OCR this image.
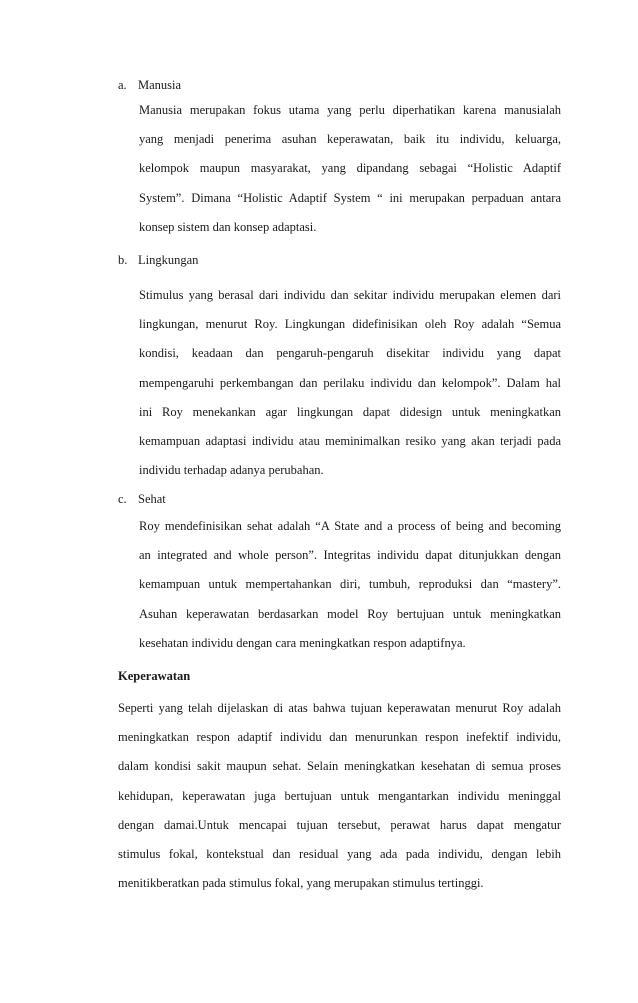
a. Manusia
Manusia merupakan fokus utama yang perlu diperhatikan karena manusialah
yang menjadi penerima asuhan keperawatan, baik itu individu, keluarga,
kelompok maupun masyarakat, yang dipandang sebagai “Holistic Adaptif
System”. Dimana “Holistic Adaptif System “ ini merupakan perpaduan antara
konsep sistem dan konsep adaptasi.
b. Lingkungan
Stimulus yang berasal dari individu dan sekitar individu merupakan elemen dari
lingkungan, menurut Roy. Lingkungan didefinisikan oleh Roy adalah “Semua
kondisi, keadaan dan pengaruh-pengaruh disekitar individu yang dapat
mempengaruhi perkembangan dan perilaku individu dan kelompok”. Dalam hal
ini Roy menekankan agar lingkungan dapat didesign untuk meningkatkan
kemampuan adaptasi individu atau meminimalkan resiko yang akan terjadi pada
individu terhadap adanya perubahan.
c. Sehat
Roy mendefinisikan sehat adalah “A State and a process of being and becoming
an integrated and whole person”. Integritas individu dapat ditunjukkan dengan
kemampuan untuk mempertahankan diri, tumbuh, reproduksi dan “mastery”.
Asuhan keperawatan berdasarkan model Roy bertujuan untuk meningkatkan
kesehatan individu dengan cara meningkatkan respon adaptifnya.
Keperawatan
Seperti yang telah dijelaskan di atas bahwa tujuan keperawatan menurut Roy adalah
meningkatkan respon adaptif individu dan menurunkan respon inefektif individu,
dalam kondisi sakit maupun sehat. Selain meningkatkan kesehatan di semua proses
kehidupan, keperawatan juga bertujuan untuk mengantarkan individu meninggal
dengan damai.Untuk mencapai tujuan tersebut, perawat harus dapat mengatur
stimulus fokal, kontekstual dan residual yang ada pada individu, dengan lebih
menitikberatkan pada stimulus fokal, yang merupakan stimulus tertinggi.
